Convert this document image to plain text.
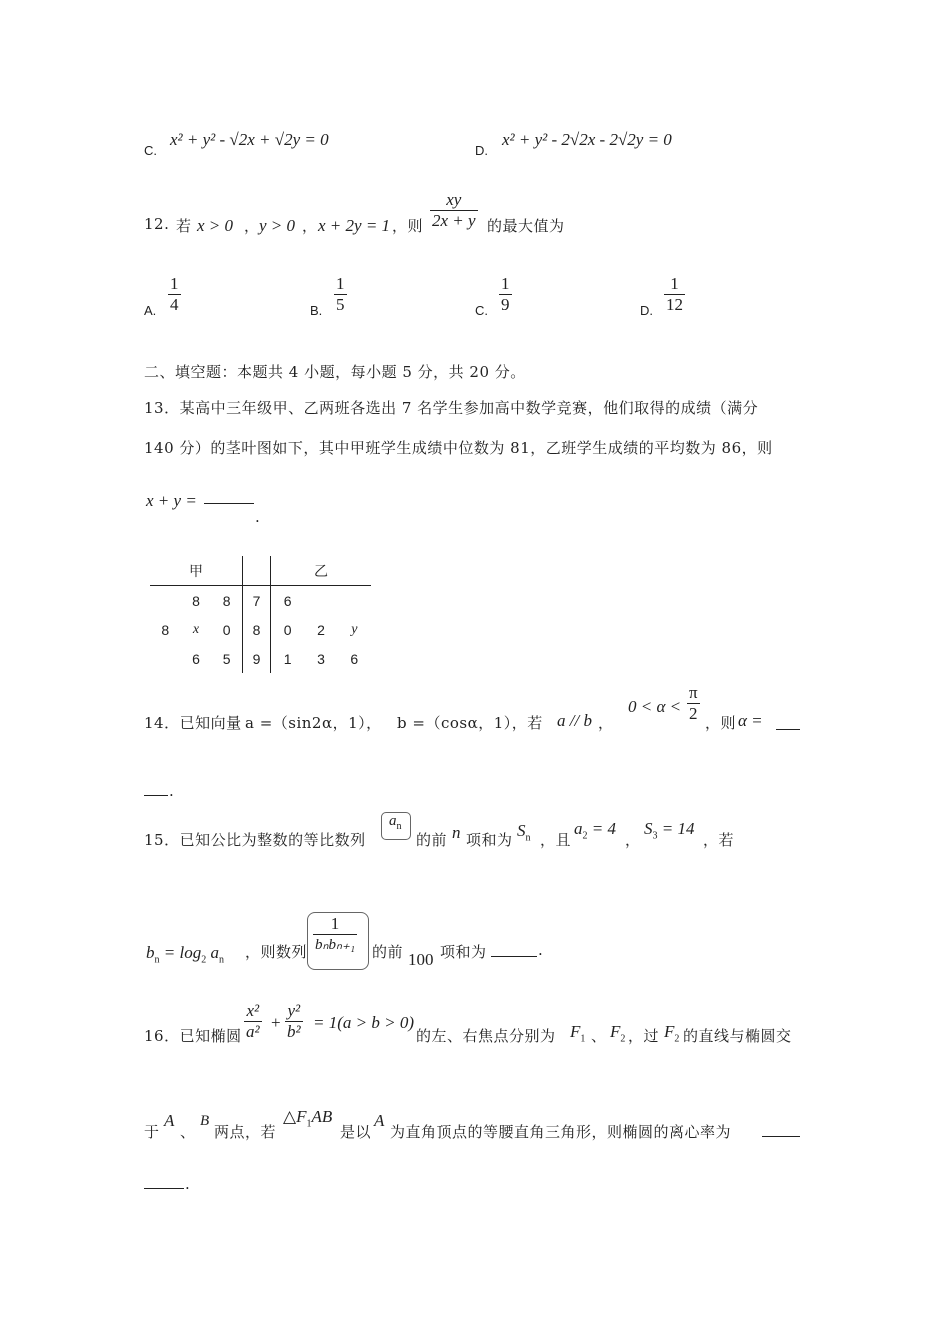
C.
x² + y² - √2x + √2y = 0
D.
x² + y² - 2√2x - 2√2y = 0
12. 若 x > 0 ， y > 0 ， x + 2y = 1 ，则 $\frac{xy}{2x + y}$ 的最大值为
A. $\frac{1}{4}$	B. $\frac{1}{5}$	C. $\frac{1}{9}$	D. $\frac{1}{12}$
二、填空题：本题共 4 小题，每小题 5 分，共 20 分。
13．某高中三年级甲、乙两班各选出 7 名学生参加高中数学竞赛，他们取得的成绩（满分
140 分）的茎叶图如下，其中甲班学生成绩中位数为 81，乙班学生成绩的平均数为 86，则
x + y =
.
甲				乙		
	8	8	7	6		
8	x	0	8	0	2	y
	6	5	9	1	3	6
14．已知向量 a =（sin2α，1）， b =（cosα，1），若 a // b ，
$0 < \alpha < \frac{\pi}{2}$ ，则 α =
.
15．已知公比为整数的等比数列
$a_n$
的前 n 项和为 $S_n$ ，且
$a_2 = 4$
，
$S_3 = 14$
，若
$b_n = \log_2 a_n$ ，则数列
1
bₙbₙ₊₁ 的前 100 项和为	.
16．已知椭圆 $\frac{\text{x²}}{\text{a²}} + \frac{\text{y²}}{\text{b²}} = 1(a > b > 0)$
的左、右焦点分别为 $F_1$ 、 $F_2$ ，过 $F_2$ 的直线与椭圆交
于
A
、
B
两点，若
$\triangle F_1AB$
是以
A
为直角顶点的等腰直角三角形，则椭圆的离心率为
.
